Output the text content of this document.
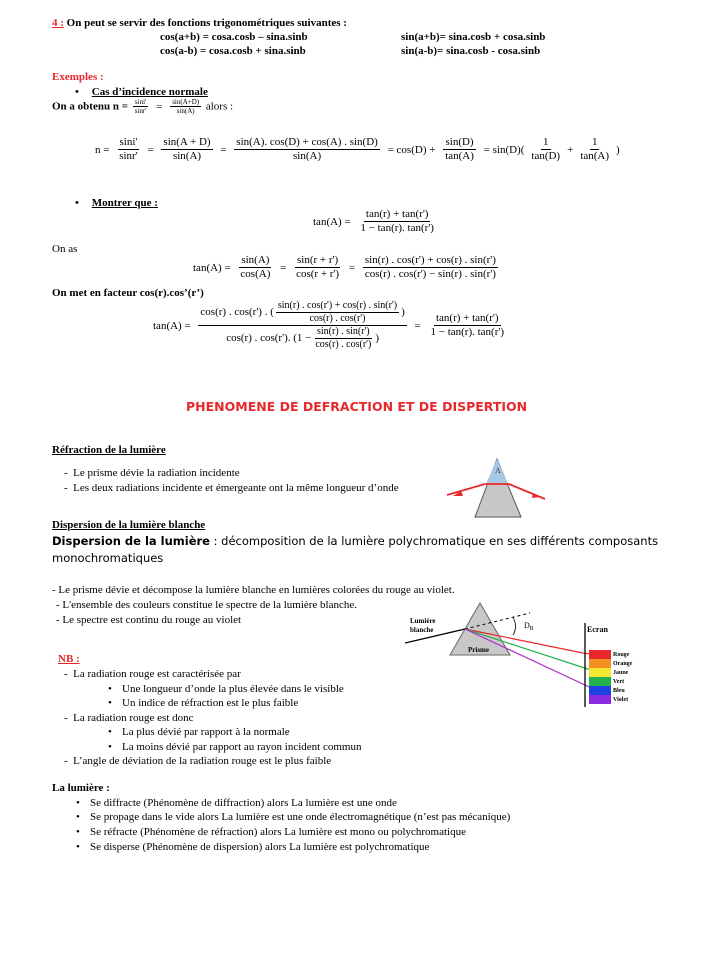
4 : On peut se servir des fonctions trigonométriques suivantes :
cos(a+b) = cosa.cosb – sina.sinb
cos(a-b) = cosa.cosb + sina.sinb
sin(a+b)= sina.cosb + cosa.sinb
sin(a-b)= sina.cosb - cosa.sinb
Exemples :
• Cas d’incidence normale
On a obtenu $n = \frac{\sin i'}{\sin r'} = \frac{\sin(A+D)}{\sin(A)}$ alors :
$n = \frac{\sin i'}{\sin r'} = \frac{\sin(A + D)}{\sin(A)} = \frac{\sin(A). \cos(D) + \cos(A) . \sin(D)}{\sin(A)} = \cos(D) + \frac{\sin(D)}{\tan(A)} = \sin(D)( \frac{1}{\tan(D)} + \frac{1}{\tan(A)}$ )
• Montrer que :
$\tan(A) = \frac{\tan(r) + \tan(r')}{1 - \tan(r). \tan(r')}$
On as
$\tan(A) = \frac{\sin(A)}{\cos(A)} = \frac{\sin(r + r')}{\cos(r + r')} = \frac{\sin(r) . \cos(r') + \cos(r) . \sin(r')}{\cos(r) . \cos(r') - \sin(r) . \sin(r')}$
On met en facteur cos(r).cos’(r’)
tan(A) =
cos(r) . cos(r') . ( $\frac{\sin(r) . \cos(r') + \cos(r) . \sin(r')}{\cos(r) . \cos(r')}$ )
cos(r) . cos(r'). ($1 - \frac{\sin(r) . \sin(r')}{\cos(r) . \cos(r')}$ )
= $\frac{\tan(r) + \tan(r')}{1 - \tan(r). \tan(r')}$
PHENOMENE DE DEFRACTION ET DE DISPERTION
Réfraction de la lumière
-  Le prisme dévie la radiation incidente
-  Les deux radiations incidente et émergeante ont la même longueur d’onde
A
Dispersion de la lumière blanche
Dispersion de la lumière : décomposition de la lumière polychromatique en ses différents composants
monochromatiques
- Le prisme dévie et décompose la lumière blanche en lumières colorées du rouge au violet.
- L'ensemble des couleurs constitue le spectre de la lumière blanche.
- Le spectre est continu du rouge au violet	Lumière
blanche
Prisme
$D_R$	Ecran
Rouge
Orange
Jaune
Vert
Bleu
Violet
NB :
-  La radiation rouge est caractérisée par
• Une longueur d’onde la plus élevée dans le visible
• Un indice de réfraction est le plus faible
-  La radiation rouge est donc
• La plus dévié par rapport à la normale
• La moins dévié par rapport au rayon incident commun
-  L’angle de déviation de la radiation rouge est le plus faible
La lumière :
• Se diffracte (Phénomène de diffraction) alors La lumière est une onde
• Se propage dans le vide alors La lumière est une onde électromagnétique (n’est pas mécanique)
• Se réfracte (Phénomène de réfraction) alors La lumière est mono ou polychromatique
• Se disperse (Phénomène de dispersion) alors La lumière est polychromatique
